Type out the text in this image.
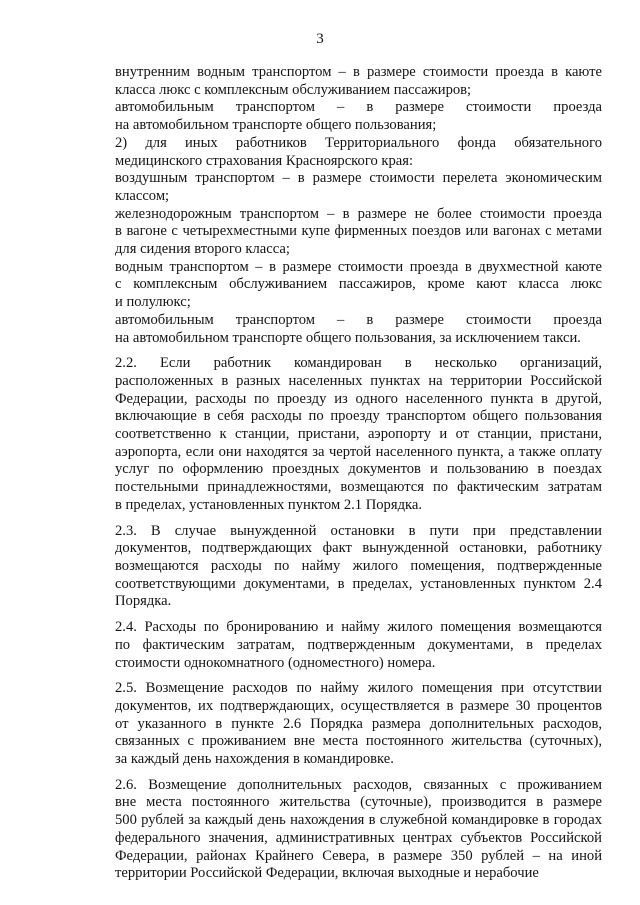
3

внутренним водным транспортом – в размере стоимости проезда в каюте
класса люкс с комплексным обслуживанием пассажиров;

автомобильным транспортом – в размере стоимости проезда
на автомобильном транспорте общего пользования;

2) для иных работников Территориального фонда обязательного
медицинского страхования Красноярского края:

воздушным транспортом – в размере стоимости перелета экономическим
классом;

железнодорожным транспортом – в размере не более стоимости проезда
в вагоне с четырехместными купе фирменных поездов или вагонах с метами
для сидения второго класса;

водным транспортом – в размере стоимости проезда в двухместной каюте
с комплексным обслуживанием пассажиров, кроме кают класса люкс
и полулюкс;

автомобильным транспортом – в размере стоимости проезда
на автомобильном транспорте общего пользования, за исключением такси.

2.2. Если работник командирован в несколько организаций,
расположенных в разных населенных пунктах на территории Российской
Федерации, расходы по проезду из одного населенного пункта в другой,
включающие в себя расходы по проезду транспортом общего пользования
соответственно к станции, пристани, аэропорту и от станции, пристани,
аэропорта, если они находятся за чертой населенного пункта, а также оплату
услуг по оформлению проездных документов и пользованию в поездах
постельными принадлежностями, возмещаются по фактическим затратам
в пределах, установленных пунктом 2.1 Порядка.

2.3. В случае вынужденной остановки в пути при представлении
документов, подтверждающих факт вынужденной остановки, работнику
возмещаются расходы по найму жилого помещения, подтвержденные
соответствующими документами, в пределах, установленных пунктом 2.4
Порядка.

2.4. Расходы по бронированию и найму жилого помещения возмещаются
по фактическим затратам, подтвержденным документами, в пределах
стоимости однокомнатного (одноместного) номера.

2.5. Возмещение расходов по найму жилого помещения при отсутствии
документов, их подтверждающих, осуществляется в размере 30 процентов
от указанного в пункте 2.6 Порядка размера дополнительных расходов,
связанных с проживанием вне места постоянного жительства (суточных),
за каждый день нахождения в командировке.

2.6. Возмещение дополнительных расходов, связанных с проживанием
вне места постоянного жительства (суточные), производится в размере
500 рублей за каждый день нахождения в служебной командировке в городах
федерального значения, административных центрах субъектов Российской
Федерации, районах Крайнего Севера, в размере 350 рублей – на иной
территории Российской Федерации, включая выходные и нерабочие
